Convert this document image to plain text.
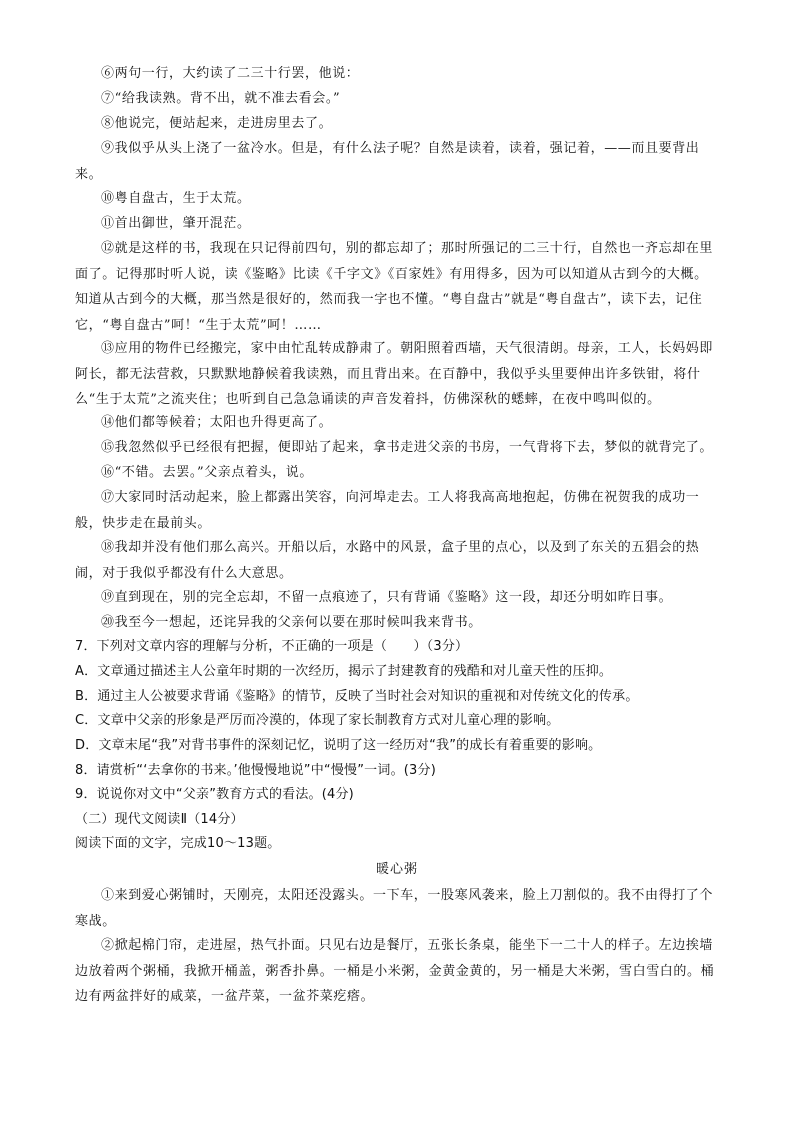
⑥两句一行，大约读了二三十行罢，他说：

⑦“给我读熟。背不出，就不准去看会。”

⑧他说完，便站起来，走进房里去了。

⑨我似乎从头上浇了一盆冷水。但是，有什么法子呢？自然是读着，读着，强记着，——而且要背出来。

⑩粤自盘古，生于太荒。

⑪首出御世，肇开混茫。

⑫就是这样的书，我现在只记得前四句，别的都忘却了；那时所强记的二三十行，自然也一齐忘却在里面了。记得那时听人说，读《鉴略》比读《千字文》《百家姓》有用得多，因为可以知道从古到今的大概。知道从古到今的大概，那当然是很好的，然而我一字也不懂。“粤自盘古”就是“粤自盘古”，读下去，记住它，“粤自盘古”呵！“生于太荒”呵！……

⑬应用的物件已经搬完，家中由忙乱转成静肃了。朝阳照着西墙，天气很清朗。母亲，工人，长妈妈即阿长，都无法营救，只默默地静候着我读熟，而且背出来。在百静中，我似乎头里要伸出许多铁钳，将什么“生于太荒”之流夹住；也听到自己急急诵读的声音发着抖，仿佛深秋的蟋蟀，在夜中鸣叫似的。

⑭他们都等候着；太阳也升得更高了。

⑮我忽然似乎已经很有把握，便即站了起来，拿书走进父亲的书房，一气背将下去，梦似的就背完了。

⑯“不错。去罢。”父亲点着头，说。

⑰大家同时活动起来，脸上都露出笑容，向河埠走去。工人将我高高地抱起，仿佛在祝贺我的成功一般，快步走在最前头。

⑱我却并没有他们那么高兴。开船以后，水路中的风景，盒子里的点心，以及到了东关的五猖会的热闹，对于我似乎都没有什么大意思。

⑲直到现在，别的完全忘却，不留一点痕迹了，只有背诵《鉴略》这一段，却还分明如昨日事。

⑳我至今一想起，还诧异我的父亲何以要在那时候叫我来背书。

7．下列对文章内容的理解与分析，不正确的一项是（　　）（3分）

A．文章通过描述主人公童年时期的一次经历，揭示了封建教育的残酷和对儿童天性的压抑。

B．通过主人公被要求背诵《鉴略》的情节，反映了当时社会对知识的重视和对传统文化的传承。

C．文章中父亲的形象是严厉而冷漠的，体现了家长制教育方式对儿童心理的影响。

D．文章末尾“我”对背书事件的深刻记忆，说明了这一经历对“我”的成长有着重要的影响。

8．请赏析“‘去拿你的书来。’他慢慢地说”中“慢慢”一词。(3分)

9．说说你对文中“父亲”教育方式的看法。(4分)

（二）现代文阅读Ⅱ（14分）

阅读下面的文字，完成10～13题。

暖心粥

①来到爱心粥铺时，天刚亮，太阳还没露头。一下车，一股寒风袭来，脸上刀割似的。我不由得打了个寒战。

②掀起棉门帘，走进屋，热气扑面。只见右边是餐厅，五张长条桌，能坐下一二十人的样子。左边挨墙边放着两个粥桶，我掀开桶盖，粥香扑鼻。一桶是小米粥，金黄金黄的，另一桶是大米粥，雪白雪白的。桶边有两盆拌好的咸菜，一盆芹菜，一盆芥菜疙瘩。
